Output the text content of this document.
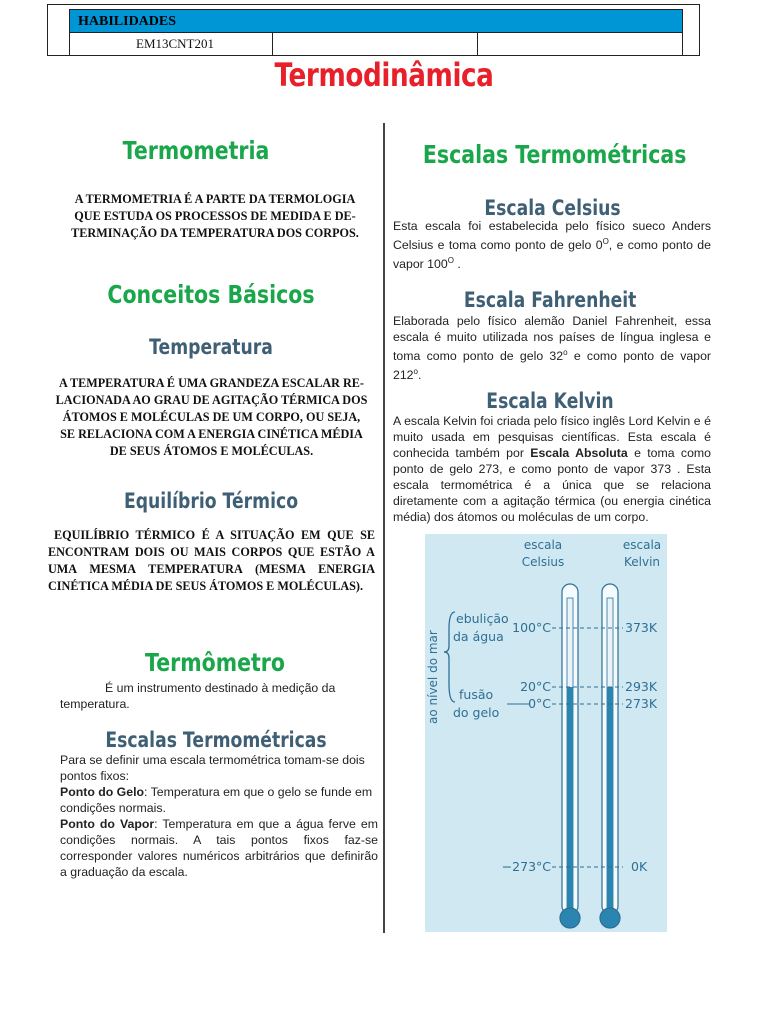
HABILIDADES
EM13CNT201
Termodinâmica
Termometria
A TERMOMETRIA É A PARTE DA TERMOLOGIA
QUE ESTUDA OS PROCESSOS DE MEDIDA E DE-
TERMINAÇÃO DA TEMPERATURA DOS CORPOS.
Conceitos Básicos
Temperatura
A TEMPERATURA É UMA GRANDEZA ESCALAR RE-
LACIONADA AO GRAU DE AGITAÇÃO TÉRMICA DOS
ÁTOMOS E MOLÉCULAS DE UM CORPO, OU SEJA,
SE RELACIONA COM A ENERGIA CINÉTICA MÉDIA
DE SEUS ÁTOMOS E MOLÉCULAS.
Equilíbrio Térmico
EQUILÍBRIO TÉRMICO É A SITUAÇÃO EM QUE SE ENCONTRAM DOIS OU MAIS CORPOS QUE ESTÃO A UMA MESMA TEMPERATURA (MESMA ENERGIA CINÉTICA MÉDIA DE SEUS ÁTOMOS E MOLÉCULAS).
Termômetro
É um instrumento destinado à medição da temperatura.
Escalas Termométricas
Para se definir uma escala termométrica tomam-se dois pontos fixos:
Ponto do Gelo: Temperatura em que o gelo se funde em condições normais.
Ponto do Vapor: Temperatura em que a água ferve em condições normais. A tais pontos fixos faz-se corresponder valores numéricos arbitrários que definirão a graduação da escala.
Escalas Termométricas
Escala Celsius
Esta escala foi estabelecida pelo físico sueco Anders Celsius e toma como ponto de gelo $0^O$, e como ponto de vapor $100^O$ .
Escala Fahrenheit
Elaborada pelo físico alemão Daniel Fahrenheit, essa escala é muito utilizada nos países de língua inglesa e toma como ponto de gelo 32$^o$ e como ponto de vapor 212$^o$.
Escala Kelvin
A escala Kelvin foi criada pelo físico inglês Lord Kelvin e é muito usada em pesquisas científicas. Esta escala é conhecida também por Escala Absoluta e toma como ponto de gelo 273, e como ponto de vapor 373 . Esta escala termométrica é a única que se relaciona diretamente com a agitação térmica (ou energia cinética média) dos átomos ou moléculas de um corpo.
escala
Celsius
escala
Kelvin
ao nível do mar
ebulição
da água
fusão
do gelo
100°C
20°C
0°C
−273°C
373K
293K
273K
0K
